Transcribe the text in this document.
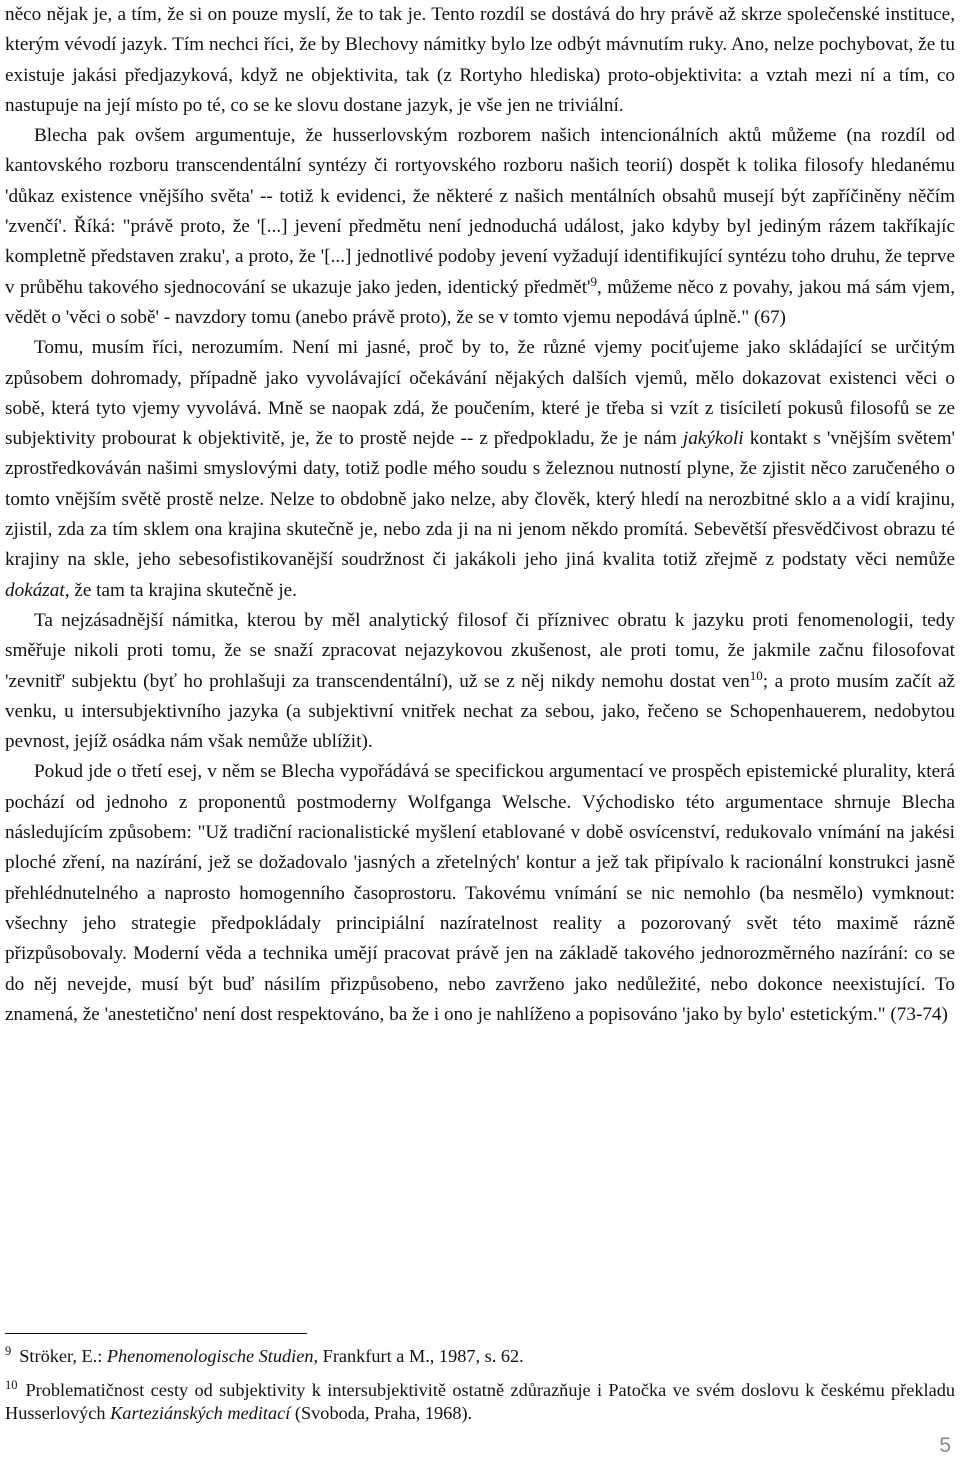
něco nějak je, a tím, že si on pouze myslí, že to tak je. Tento rozdíl se dostává do hry právě až skrze společenské instituce, kterým vévodí jazyk. Tím nechci říci, že by Blechovy námitky bylo lze odbýt mávnutím ruky. Ano, nelze pochybovat, že tu existuje jakási předjazyková, když ne objektivita, tak (z Rortyho hlediska) proto-objektivita: a vztah mezi ní a tím, co nastupuje na její místo po té, co se ke slovu dostane jazyk, je vše jen ne triviální.

Blecha pak ovšem argumentuje, že husserlovským rozborem našich intencionálních aktů můžeme (na rozdíl od kantovského rozboru transcendentální syntézy či rortyovského rozboru našich teorií) dospět k tolika filosofy hledanému 'důkaz existence vnějšího světa' -- totiž k evidenci, že některé z našich mentálních obsahů musejí být zapříčiněny něčím 'zvenčí'. Říká: "právě proto, že '[...] jevení předmětu není jednoduchá událost, jako kdyby byl jediným rázem takříkajíc kompletně představen zraku', a proto, že '[...] jednotlivé podoby jevení vyžadují identifikující syntézu toho druhu, že teprve v průběhu takového sjednocování se ukazuje jako jeden, identický $předmět'^9$, můžeme něco z povahy, jakou má sám vjem, vědět o 'věci o sobě' - navzdory tomu (anebo právě proto), že se v tomto vjemu nepodává úplně." (67)

Tomu, musím říci, nerozumím. Není mi jasné, proč by to, že různé vjemy pociťujeme jako skládající se určitým způsobem dohromady, případně jako vyvolávající očekávání nějakých dalších vjemů, mělo dokazovat existenci věci o sobě, která tyto vjemy vyvolává. Mně se naopak zdá, že poučením, které je třeba si vzít z tisíciletí pokusů filosofů se ze subjektivity probourat k objektivitě, je, že to prostě nejde -- z předpokladu, že je nám jakýkoli kontakt s 'vnějším světem' zprostředkováván našimi smyslovými daty, totiž podle mého soudu s železnou nutností plyne, že zjistit něco zaručeného o tomto vnějším světě prostě nelze. Nelze to obdobně jako nelze, aby člověk, který hledí na nerozbitné sklo a a vidí krajinu, zjistil, zda za tím sklem ona krajina skutečně je, nebo zda ji na ni jenom někdo promítá. Sebevětší přesvědčivost obrazu té krajiny na skle, jeho sebesofistikovanější soudržnost či jakákoli jeho jiná kvalita totiž zřejmě z podstaty věci nemůže dokázat, že tam ta krajina skutečně je.

Ta nejzásadnější námitka, kterou by měl analytický filosof či příznivec obratu k jazyku proti fenomenologii, tedy směřuje nikoli proti tomu, že se snaží zpracovat nejazykovou zkušenost, ale proti tomu, že jakmile začnu filosofovat 'zevnitř' subjektu (byť ho prohlašuji za transcendentální), už se z něj nikdy nemohu dostat ven$^{10}$; a proto musím začít až venku, u intersubjektivního jazyka (a subjektivní vnitřek nechat za sebou, jako, řečeno se Schopenhauerem, nedobytou pevnost, jejíž osádka nám však nemůže ublížit).

Pokud jde o třetí esej, v něm se Blecha vypořádává se specifickou argumentací ve prospěch epistemické plurality, která pochází od jednoho z proponentů postmoderny Wolfganga Welsche. Východisko této argumentace shrnuje Blecha následujícím způsobem: "Už tradiční racionalistické myšlení etablované v době osvícenství, redukovalo vnímání na jakési ploché zření, na nazírání, jež se dožadovalo 'jasných a zřetelných' kontur a jež tak připívalo k racionální konstrukci jasně přehlédnutelného a naprosto homogenního časoprostoru. Takovému vnímání se nic nemohlo (ba nesmělo) vymknout: všechny jeho strategie předpokládaly principiální nazíratelnost reality a pozorovaný svět této maximě rázně přizpůsobovaly. Moderní věda a technika umějí pracovat právě jen na základě takového jednorozměrného nazírání: co se do něj nevejde, musí být buď násilím přizpůsobeno, nebo zavrženo jako nedůležité, nebo dokonce neexistující. To znamená, že 'anestetično' není dost respektováno, ba že i ono je nahlíženo a popisováno 'jako by bylo' estetickým." (73-74)

$^9$ Ströker, E.: Phenomenologische Studien, Frankfurt a M., 1987, s. 62.

$^{10}$ Problematičnost cesty od subjektivity k intersubjektivitě ostatně zdůrazňuje i Patočka ve svém doslovu k českému překladu Husserlových Karteziánských meditací (Svoboda, Praha, 1968).

5
